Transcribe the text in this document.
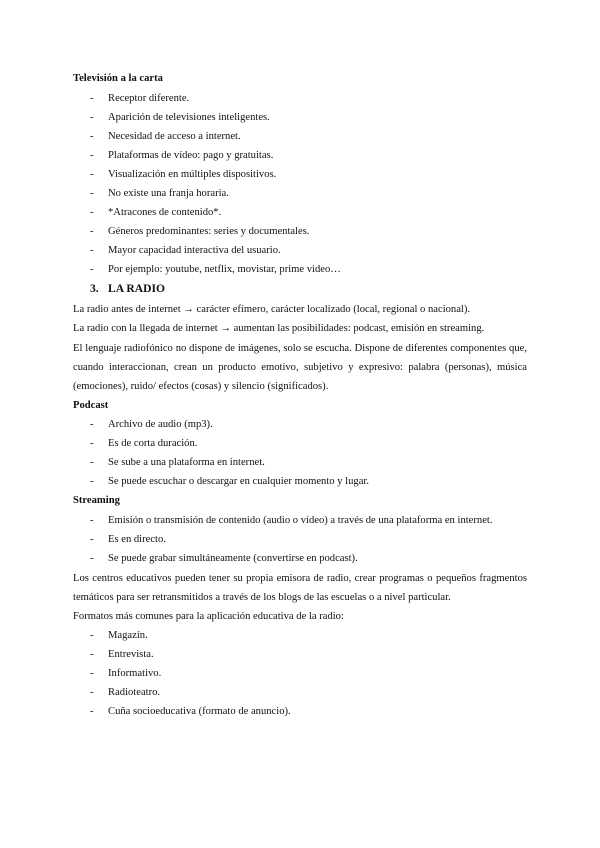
Televisión a la carta
- Receptor diferente.
- Aparición de televisiones inteligentes.
- Necesidad de acceso a internet.
- Plataformas de vídeo: pago y gratuitas.
- Visualización en múltiples dispositivos.
- No existe una franja horaria.
- *Atracones de contenido*.
- Géneros predominantes: series y documentales.
- Mayor capacidad interactiva del usuario.
- Por ejemplo: youtube, netflix, movistar, prime video…
3. LA RADIO
La radio antes de internet → carácter efímero, carácter localizado (local, regional o nacional).
La radio con la llegada de internet → aumentan las posibilidades: podcast, emisión en streaming.
El lenguaje radiofónico no dispone de imágenes, solo se escucha. Dispone de diferentes componentes que, cuando interaccionan, crean un producto emotivo, subjetivo y expresivo: palabra (personas), música (emociones), ruido/ efectos (cosas) y silencio (significados).
Podcast
- Archivo de audio (mp3).
- Es de corta duración.
- Se sube a una plataforma en internet.
- Se puede escuchar o descargar en cualquier momento y lugar.
Streaming
- Emisión o transmisión de contenido (audio o vídeo) a través de una plataforma en internet.
- Es en directo.
- Se puede grabar simultáneamente (convertirse en podcast).
Los centros educativos pueden tener su propia emisora de radio, crear programas o pequeños fragmentos temáticos para ser retransmitidos a través de los blogs de las escuelas o a nivel particular.
Formatos más comunes para la aplicación educativa de la radio:
- Magazín.
- Entrevista.
- Informativo.
- Radioteatro.
- Cuña socioeducativa (formato de anuncio).
